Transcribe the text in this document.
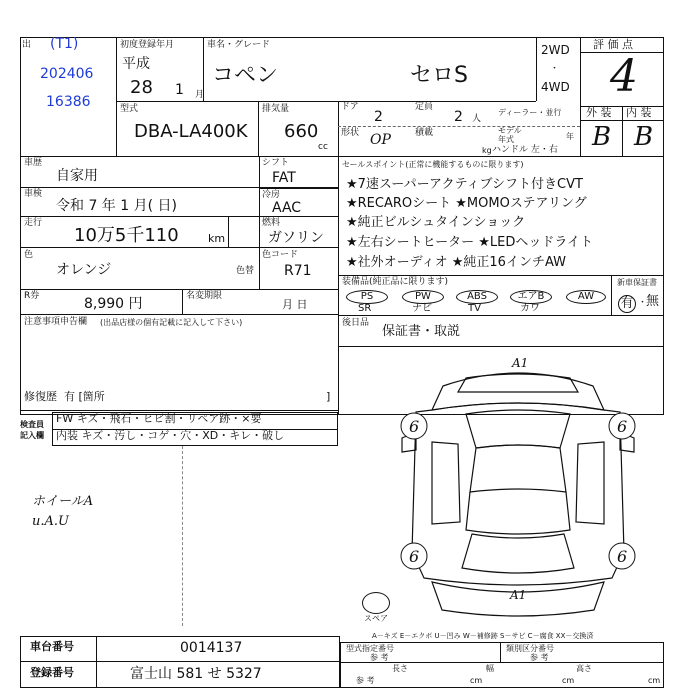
出 (T1)
202406
16386
初度登録年月
平成
28 1 月
車名・グレード
コペン	セロS
2WD
・
4WD
評 価 点
4
外 装 内 装
B B
型式
DBA-LA400K
排気量
660
cc
ドア
2
定員
2 人
ディーラー・並行
形状 OP	積載
kg
モデル
年式	年
ハンドル 左・右
車歴
自家用
車検
令和 7 年 1 月( 日)
走行
10万5千110	km
色
オレンジ	色替
シフト
FAT
冷房
AAC
燃料
ガソリン
色コード
R71
R券	8,990 円	名変期限
月 日
注意事項申告欄 (出品店様の個有記載に記入して下さい)
修復歴 有 [箇所	]
セールスポイント(正常に機能するものに限ります)
★7速スーパーアクティブシフト付きCVT
★RECAROシート ★MOMOステアリング
★純正ビルシュタインショック
★左右シートヒーター ★LEDヘッドライト
★社外オーディオ ★純正16インチAW
装備品(純正品に限ります)	新車保証書
有 ・
無
PS	PW	ABS	エアB	AW
SR	ナビ	TV	カワ
後日品
保証書・取説
検査員
記入欄
FW キズ・飛石・ヒビ割・リペア跡・×要
内装 キズ・汚し・コゲ・穴・XD・キレ・破し
ホイールA
u.A.U
A1
A1
6	6
6	6
スペア
A－キズ E－エクボ U－凹み W－補修跡 S－サビ C－腐食 XX－交換済
車台番号	0014137
登録番号	富士山 581 せ 5327
型式指定番号
参 考
類別区分番号
参 考
参 考
長さ
cm
幅
cm
高さ
cm
